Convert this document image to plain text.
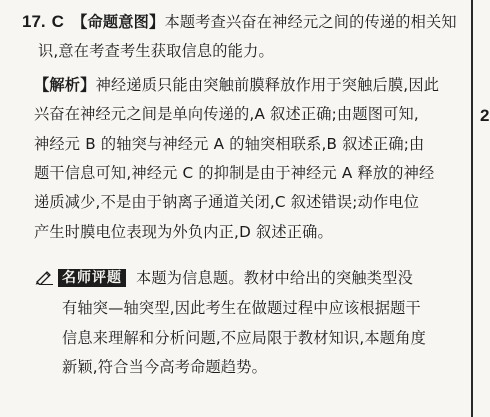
17. C 【命题意图】本题考查兴奋在神经元之间的传递的相关知
识,意在考查考生获取信息的能力。
【解析】神经递质只能由突触前膜释放作用于突触后膜,因此
兴奋在神经元之间是单向传递的,A 叙述正确;由题图可知,
神经元 B 的轴突与神经元 A 的轴突相联系,B 叙述正确;由
题干信息可知,神经元 C 的抑制是由于神经元 A 释放的神经
递质减少,不是由于钠离子通道关闭,C 叙述错误;动作电位
产生时膜电位表现为外负内正,D 叙述正确。
名师评题 本题为信息题。教材中给出的突触类型没
有轴突—轴突型,因此考生在做题过程中应该根据题干
信息来理解和分析问题,不应局限于教材知识,本题角度
新颖,符合当今高考命题趋势。
2
